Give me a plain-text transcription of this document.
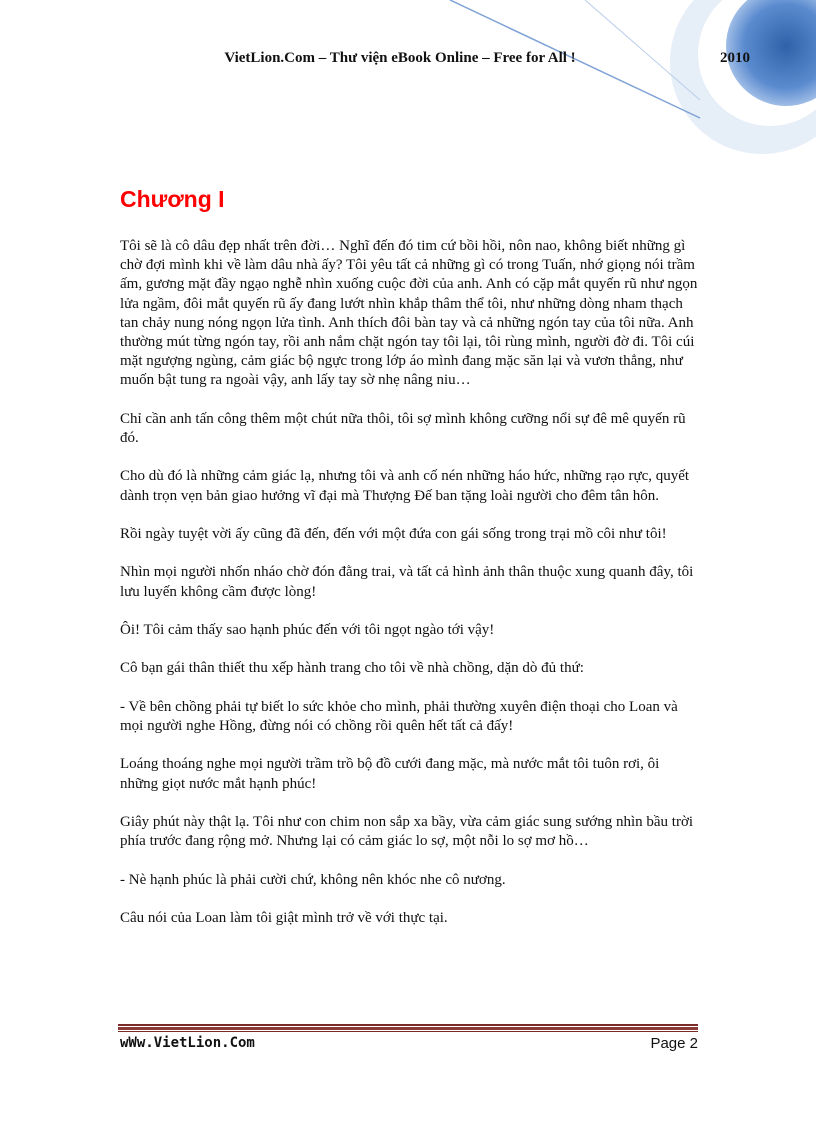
VietLion.Com – Thư viện eBook Online – Free for All !	2010
Chương I

Tôi sẽ là cô dâu đẹp nhất trên đời… Nghĩ đến đó tim cứ bồi hồi, nôn nao, không biết những gì chờ đợi mình khi về làm dâu nhà ấy? Tôi yêu tất cả những gì có trong Tuấn, nhớ giọng nói trầm ấm, gương mặt đầy ngạo nghễ nhìn xuống cuộc đời của anh. Anh có cặp mắt quyến rũ như ngọn lửa ngầm, đôi mắt quyến rũ ấy đang lướt nhìn khắp thâm thể tôi, như những dòng nham thạch tan chảy nung nóng ngọn lửa tình. Anh thích đôi bàn tay và cả những ngón tay của tôi nữa. Anh thường mút từng ngón tay, rồi anh nắm chặt ngón tay tôi lại, tôi rùng mình, người đờ đi. Tôi cúi mặt ngượng ngùng, cảm giác bộ ngực trong lớp áo mình đang mặc săn lại và vươn thẳng, như muốn bật tung ra ngoài vậy, anh lấy tay sờ nhẹ nâng niu…

Chỉ cần anh tấn công thêm một chút nữa thôi, tôi sợ mình không cưỡng nổi sự đê mê quyến rũ đó.

Cho dù đó là những cảm giác lạ, nhưng tôi và anh cố nén những háo hức, những rạo rực, quyết dành trọn vẹn bản giao hưởng vĩ đại mà Thượng Đế ban tặng loài người cho đêm tân hôn.

Rồi ngày tuyệt vời ấy cũng đã đến, đến với một đứa con gái sống trong trại mồ côi như tôi!

Nhìn mọi người nhốn nháo chờ đón đằng trai, và tất cả hình ảnh thân thuộc xung quanh đây, tôi lưu luyến không cầm được lòng!

Ôi! Tôi cảm thấy sao hạnh phúc đến với tôi ngọt ngào tới vậy!

Cô bạn gái thân thiết thu xếp hành trang cho tôi về nhà chồng, dặn dò đủ thứ:

- Về bên chồng phải tự biết lo sức khỏe cho mình, phải thường xuyên điện thoại cho Loan và mọi người nghe Hồng, đừng nói có chồng rồi quên hết tất cả đấy!

Loáng thoáng nghe mọi người trầm trồ bộ đồ cưới đang mặc, mà nước mắt tôi tuôn rơi, ôi những giọt nước mắt hạnh phúc!

Giây phút này thật lạ. Tôi như con chim non sắp xa bầy, vừa cảm giác sung sướng nhìn bầu trời phía trước đang rộng mở. Nhưng lại có cảm giác lo sợ, một nỗi lo sợ mơ hồ…

- Nè hạnh phúc là phải cười chứ, không nên khóc nhe cô nương.

Câu nói của Loan làm tôi giật mình trở về với thực tại.

wWw.VietLion.Com	Page 2
